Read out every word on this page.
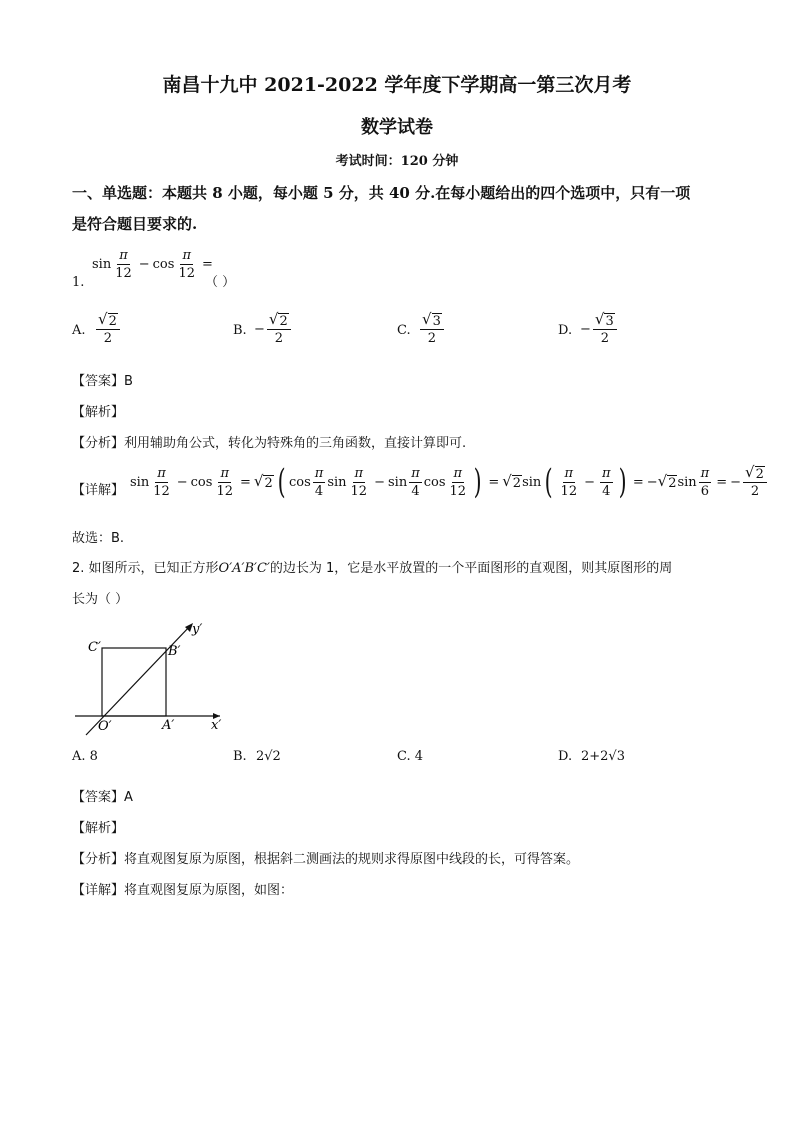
南昌十九中 2021-2022 学年度下学期高一第三次月考
数学试卷
考试时间：120 分钟
一、单选题：本题共 8 小题，每小题 5 分，共 40 分.在每小题给出的四个选项中，只有一项
是符合题目要求的.
$\sin \frac{\pi}{12} - \cos \frac{\pi}{12}$ =
1.	（ ）
A. $\frac{√ 2}{2}$	B. − $\frac{√ 2}{2}$	C. $\frac{√ 3}{2}$	D. − $\frac{√ 3}{2}$
【答案】B
【解析】
【分析】利用辅助角公式，转化为特殊角的三角函数，直接计算即可.
【详解】
$\sin \frac{\pi}{12} - \cos \frac{\pi}{12}$ = √ 2 ( $\cos \frac{\pi}{4}$ $\sin \frac{\pi}{12} - \sin \frac{\pi}{4}$ $\cos \frac{\pi}{12}$ ) = √ 2 sin ( $\frac{\pi}{12} - \frac{\pi}{4}$ ) = − √ 2 $\sin \frac{\pi}{6}$ = − $\frac{√ 2}{2}$
故选：B.
2. 如图所示，已知正方形O′A′B′C′的边长为 1，它是水平放置的一个平面图形的直观图，则其原图形的周
长为（ ）
C′	B′
O′	A′	x′
y′
A. 8	B. 2√2	C. 4	D. 2+2√3
【答案】A
【解析】
【分析】将直观图复原为原图，根据斜二测画法的规则求得原图中线段的长，可得答案。
【详解】将直观图复原为原图，如图：
